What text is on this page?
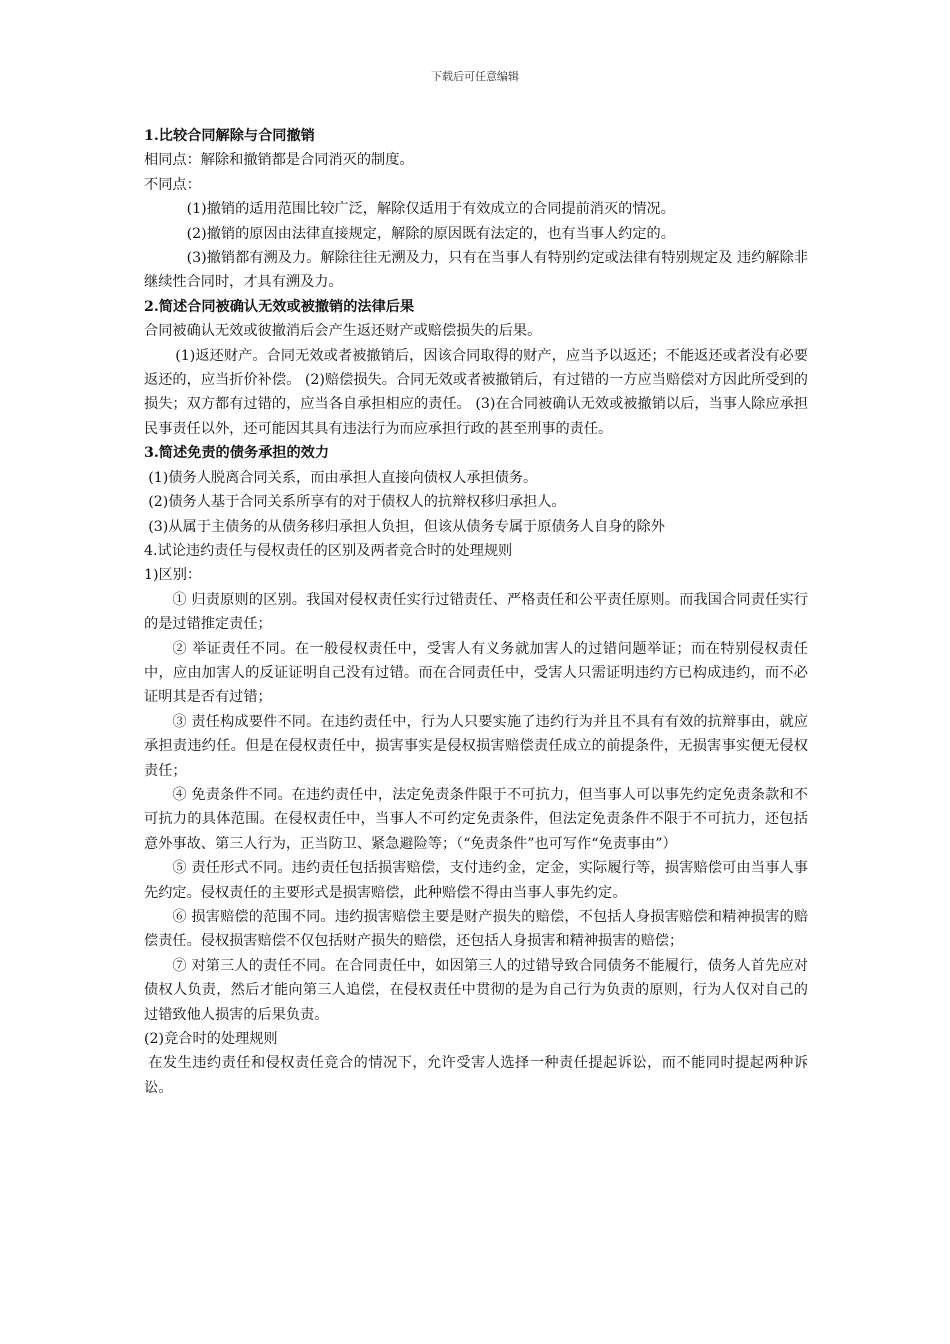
下载后可任意编辑

1.比较合同解除与合同撤销

相同点：解除和撤销都是合同消灭的制度。

不同点：

(1)撤销的适用范围比较广泛，解除仅适用于有效成立的合同提前消灭的情况。

(2)撤销的原因由法律直接规定，解除的原因既有法定的，也有当事人约定的。

(3)撤销都有溯及力。解除往往无溯及力，只有在当事人有特别约定或法律有特别规定及 违约解除非继续性合同时，才具有溯及力。

2.简述合同被确认无效或被撤销的法律后果

合同被确认无效或彼撤消后会产生返还财产或赔偿损失的后果。

(1)返还财产。合同无效或者被撤销后，因该合同取得的财产，应当予以返还；不能返还或者没有必要返还的，应当折价补偿。 (2)赔偿损失。合同无效或者被撤销后，有过错的一方应当赔偿对方因此所受到的损失；双方都有过错的，应当各自承担相应的责任。 (3)在合同被确认无效或被撤销以后，当事人除应承担民事责任以外，还可能因其具有违法行为而应承担行政的甚至刑事的责任。

3.简述免责的债务承担的效力

(1)债务人脱离合同关系，而由承担人直接向债权人承担债务。

(2)债务人基于合同关系所享有的对于债权人的抗辩权移归承担人。

(3)从属于主债务的从债务移归承担人负担，但该从债务专属于原债务人自身的除外

4.试论违约责任与侵权责任的区别及两者竞合时的处理规则

1)区别：

① 归责原则的区别。我国对侵权责任实行过错责任、严格责任和公平责任原则。而我国合同责任实行的是过错推定责任；

② 举证责任不同。在一般侵权责任中，受害人有义务就加害人的过错问题举证；而在特别侵权责任中，应由加害人的反证证明自己没有过错。而在合同责任中，受害人只需证明违约方已构成违约，而不必证明其是否有过错；

③ 责任构成要件不同。在违约责任中，行为人只要实施了违约行为并且不具有有效的抗辩事由，就应承担责违约任。但是在侵权责任中，损害事实是侵权损害赔偿责任成立的前提条件，无损害事实便无侵权责任；

④ 免责条件不同。在违约责任中，法定免责条件限于不可抗力，但当事人可以事先约定免责条款和不可抗力的具体范围。在侵权责任中，当事人不可约定免责条件，但法定免责条件不限于不可抗力，还包括意外事故、第三人行为，正当防卫、紧急避险等；（“免责条件”也可写作“免责事由”）

⑤ 责任形式不同。违约责任包括损害赔偿，支付违约金，定金，实际履行等，损害赔偿可由当事人事先约定。侵权责任的主要形式是损害赔偿，此种赔偿不得由当事人事先约定。

⑥ 损害赔偿的范围不同。违约损害赔偿主要是财产损失的赔偿，不包括人身损害赔偿和精神损害的赔偿责任。侵权损害赔偿不仅包括财产损失的赔偿，还包括人身损害和精神损害的赔偿；

⑦ 对第三人的责任不同。在合同责任中，如因第三人的过错导致合同债务不能履行，债务人首先应对债权人负责，然后才能向第三人追偿，在侵权责任中贯彻的是为自己行为负责的原则，行为人仅对自己的过错致他人损害的后果负责。

(2)竞合时的处理规则

在发生违约责任和侵权责任竞合的情况下，允许受害人选择一种责任提起诉讼，而不能同时提起两种诉讼。
